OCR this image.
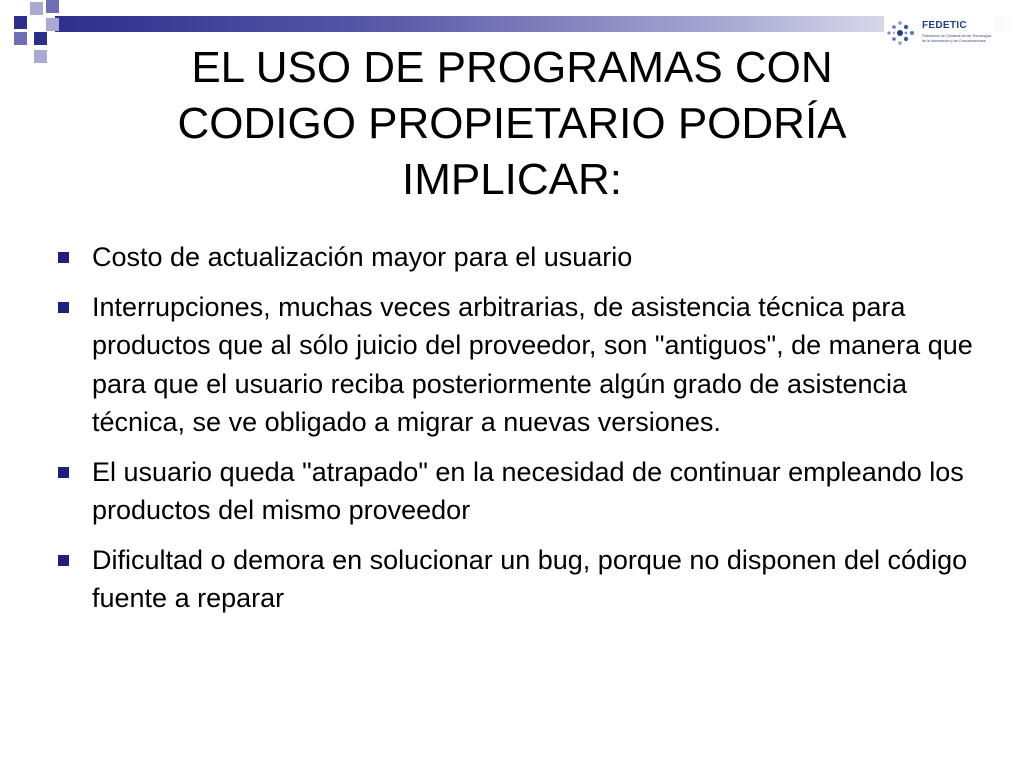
FEDETIC
Federación de Cámaras de las Tecnologías
de la Información y las Comunicaciones
EL USO DE PROGRAMAS CON
CODIGO PROPIETARIO PODRÍA
IMPLICAR:
Costo de actualización mayor para el usuario
Interrupciones, muchas veces arbitrarias, de asistencia técnica para productos que al sólo juicio del proveedor, son "antiguos", de manera que para que el usuario reciba posteriormente algún grado de asistencia técnica, se ve obligado a migrar a nuevas versiones.
El usuario queda "atrapado" en la necesidad de continuar empleando los productos del mismo proveedor
Dificultad o demora en solucionar un bug, porque no disponen del código fuente a reparar
